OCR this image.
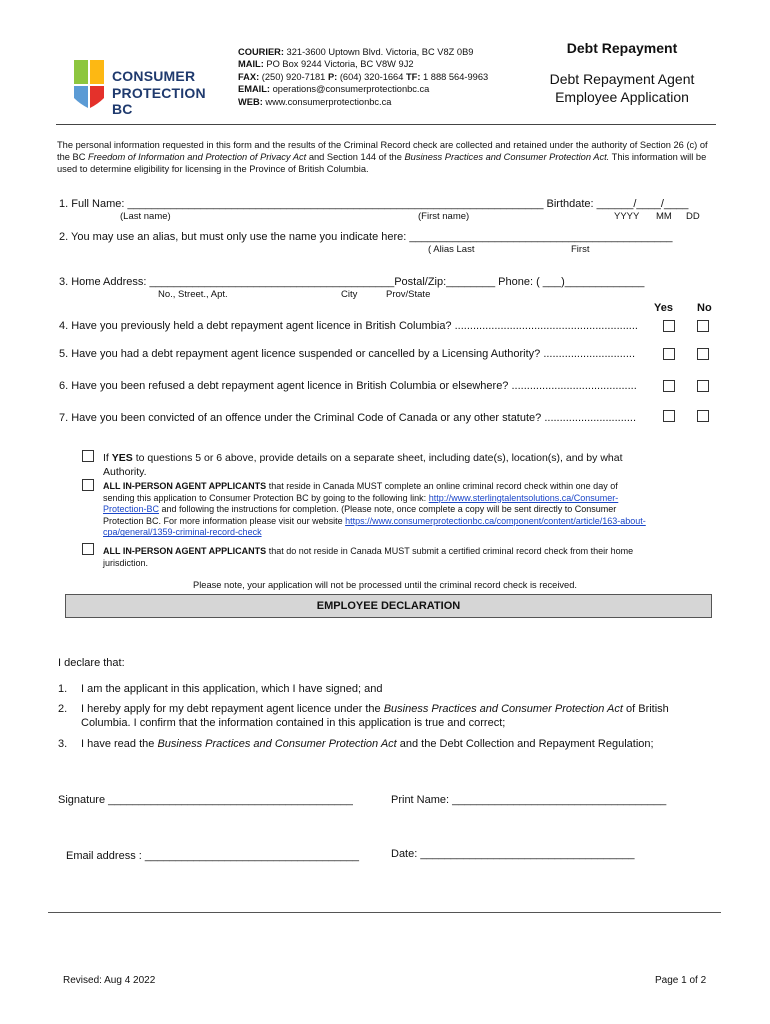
CONSUMER
PROTECTION BC
COURIER: 321-3600 Uptown Blvd. Victoria, BC V8Z 0B9
MAIL: PO Box 9244 Victoria, BC V8W 9J2
FAX: (250) 920-7181 P: (604) 320-1664 TF: 1 888 564-9963
EMAIL: operations@consumerprotectionbc.ca
WEB: www.consumerprotectionbc.ca
Debt Repayment
Debt Repayment Agent
Employee Application
The personal information requested in this form and the results of the Criminal Record check are collected and retained under the authority of Section 26 (c) of the BC Freedom of Information and Protection of Privacy Act and Section 144 of the Business Practices and Consumer Protection Act. This information will be used to determine eligibility for licensing in the Province of British Columbia.
1. Full Name: ____________________________________________________________________ Birthdate: ______/____/____
(Last name)	(First name)	YYYY MM DD
2. You may use an alias, but must only use the name you indicate here: ___________________________________________
( Alias Last	First
3. Home Address: ________________________________________Postal/Zip:________ Phone: ( ___)_____________
No., Street., Apt.	City	Prov/State
Yes No
4. Have you previously held a debt repayment agent licence in British Columbia? ............................................................
5. Have you had a debt repayment agent licence suspended or cancelled by a Licensing Authority? ..............................
6. Have you been refused a debt repayment agent licence in British Columbia or elsewhere? .........................................
7. Have you been convicted of an offence under the Criminal Code of Canada or any other statute? ..............................
If YES to questions 5 or 6 above, provide details on a separate sheet, including date(s), location(s), and by what
Authority.
ALL IN-PERSON AGENT APPLICANTS that reside in Canada MUST complete an online criminal record check within one day of
sending this application to Consumer Protection BC by going to the following link: http://www.sterlingtalentsolutions.ca/Consumer-
Protection-BC and following the instructions for completion. (Please note, once complete a copy will be sent directly to Consumer
Protection BC. For more information please visit our website https://www.consumerprotectionbc.ca/component/content/article/163-about-
cpa/general/1359-criminal-record-check
ALL IN-PERSON AGENT APPLICANTS that do not reside in Canada MUST submit a certified criminal record check from their home
jurisdiction.
Please note, your application will not be processed until the criminal record check is received.
EMPLOYEE DECLARATION
I declare that:
1. I am the applicant in this application, which I have signed; and
2. I hereby apply for my debt repayment agent licence under the Business Practices and Consumer Protection Act of British
Columbia. I confirm that the information contained in this application is true and correct;
3. I have read the Business Practices and Consumer Protection Act and the Debt Collection and Repayment Regulation;
Signature ________________________________________	Print Name: ___________________________________
Email address : ___________________________________	Date: ___________________________________
Revised: Aug 4 2022	Page 1 of 2
